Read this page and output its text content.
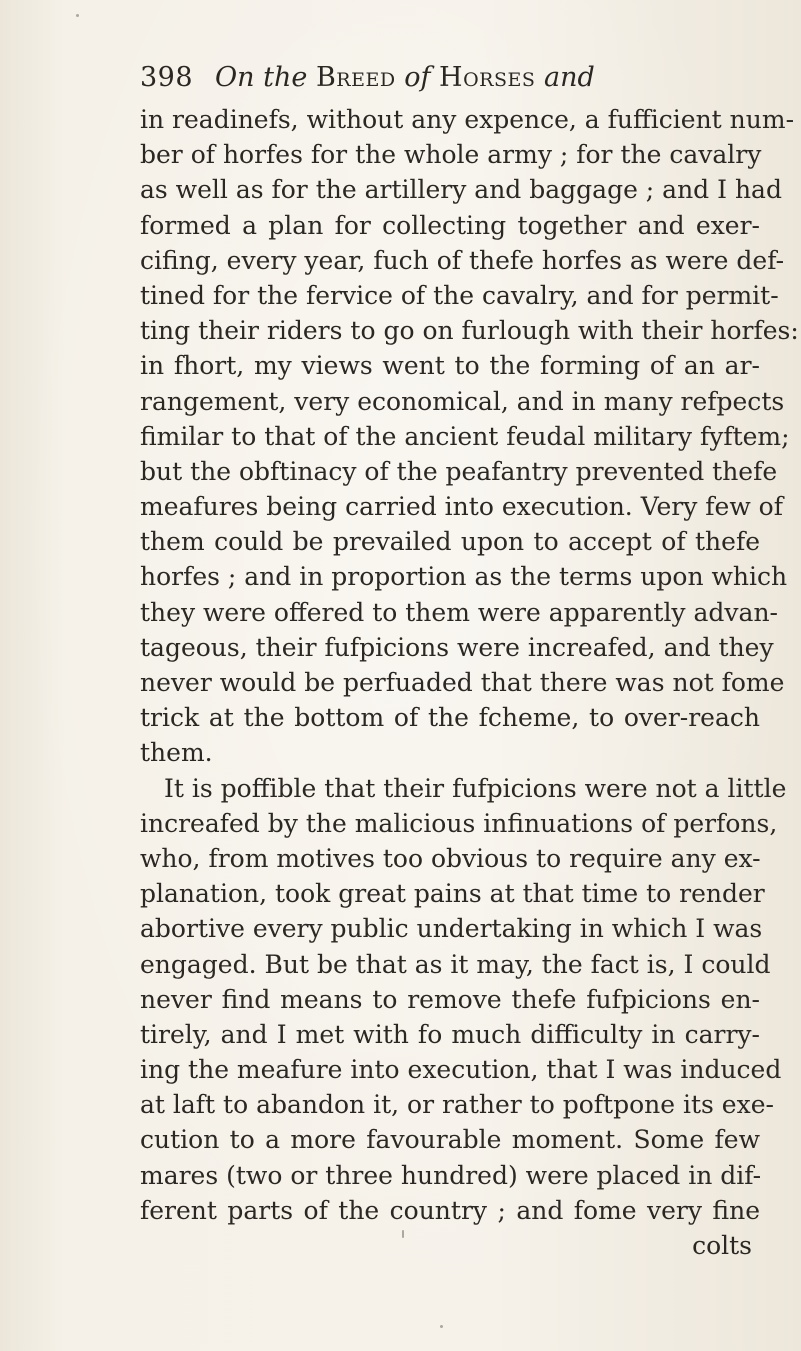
398 On the Breed of Horses and
in readinefs, without any expence, a fufficient num-
ber of horfes for the whole army ; for the cavalry
as well as for the artillery and baggage ; and I had
formed a plan for collecting together and exer-
cifing, every year, fuch of thefe horfes as were def-
tined for the fervice of the cavalry, and for permit-
ting their riders to go on furlough with their horfes:
in fhort, my views went to the forming of an ar-
rangement, very economical, and in many refpects
fimilar to that of the ancient feudal military fyftem;
but the obftinacy of the peafantry prevented thefe
meafures being carried into execution. Very few of
them could be prevailed upon to accept of thefe
horfes ; and in proportion as the terms upon which
they were offered to them were apparently advan-
tageous, their fufpicions were increafed, and they
never would be perfuaded that there was not fome
trick at the bottom of the fcheme, to over-reach
them.
It is poffible that their fufpicions were not a little
increafed by the malicious infinuations of perfons,
who, from motives too obvious to require any ex-
planation, took great pains at that time to render
abortive every public undertaking in which I was
engaged. But be that as it may, the fact is, I could
never find means to remove thefe fufpicions en-
tirely, and I met with fo much difficulty in carry-
ing the meafure into execution, that I was induced
at laft to abandon it, or rather to poftpone its exe-
cution to a more favourable moment. Some few
mares (two or three hundred) were placed in dif-
ferent parts of the country ; and fome very fine
colts
